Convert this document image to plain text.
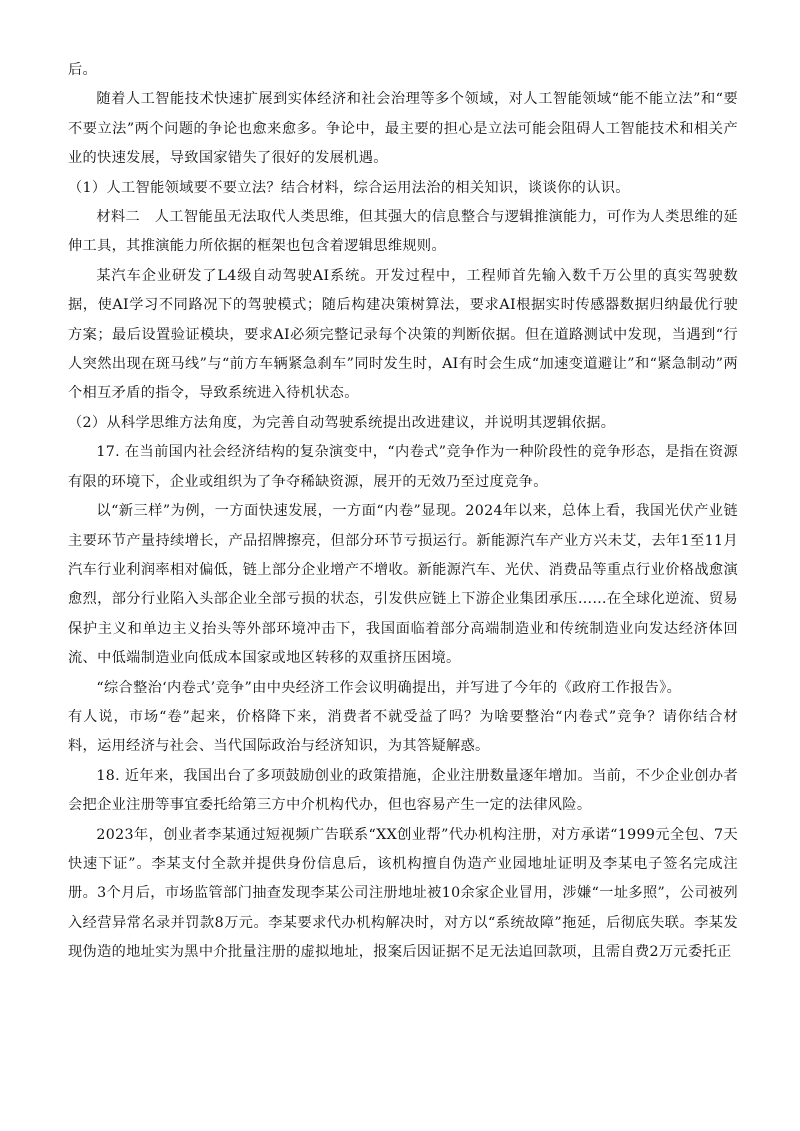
后。

随着人工智能技术快速扩展到实体经济和社会治理等多个领域，对人工智能领域“能不能立法”和“要不要立法”两个问题的争论也愈来愈多。争论中，最主要的担心是立法可能会阻碍人工智能技术和相关产业的快速发展，导致国家错失了很好的发展机遇。

（1）人工智能领域要不要立法？结合材料，综合运用法治的相关知识，谈谈你的认识。

材料二　人工智能虽无法取代人类思维，但其强大的信息整合与逻辑推演能力，可作为人类思维的延伸工具，其推演能力所依据的框架也包含着逻辑思维规则。

某汽车企业研发了L4级自动驾驶AI系统。开发过程中，工程师首先输入数千万公里的真实驾驶数据，使AI学习不同路况下的驾驶模式；随后构建决策树算法，要求AI根据实时传感器数据归纳最优行驶方案；最后设置验证模块，要求AI必须完整记录每个决策的判断依据。但在道路测试中发现，当遇到“行人突然出现在斑马线”与“前方车辆紧急刹车”同时发生时，AI有时会生成“加速变道避让”和“紧急制动”两个相互矛盾的指令，导致系统进入待机状态。

（2）从科学思维方法角度，为完善自动驾驶系统提出改进建议，并说明其逻辑依据。

17. 在当前国内社会经济结构的复杂演变中，“内卷式”竞争作为一种阶段性的竞争形态，是指在资源有限的环境下，企业或组织为了争夺稀缺资源，展开的无效乃至过度竞争。

以“新三样”为例，一方面快速发展，一方面“内卷”显现。2024年以来，总体上看，我国光伏产业链主要环节产量持续增长，产品招牌擦亮，但部分环节亏损运行。新能源汽车产业方兴未艾，去年1至11月汽车行业利润率相对偏低，链上部分企业增产不增收。新能源汽车、光伏、消费品等重点行业价格战愈演愈烈，部分行业陷入头部企业全部亏损的状态，引发供应链上下游企业集团承压……在全球化逆流、贸易保护主义和单边主义抬头等外部环境冲击下，我国面临着部分高端制造业和传统制造业向发达经济体回流、中低端制造业向低成本国家或地区转移的双重挤压困境。

“综合整治‘内卷式’竞争”由中央经济工作会议明确提出，并写进了今年的《政府工作报告》。

有人说，市场“卷”起来，价格降下来，消费者不就受益了吗？为啥要整治“内卷式”竞争？请你结合材料，运用经济与社会、当代国际政治与经济知识，为其答疑解惑。

18. 近年来，我国出台了多项鼓励创业的政策措施，企业注册数量逐年增加。当前，不少企业创办者会把企业注册等事宜委托给第三方中介机构代办，但也容易产生一定的法律风险。

2023年，创业者李某通过短视频广告联系“XX创业帮”代办机构注册，对方承诺“1999元全包、7天快速下证”。李某支付全款并提供身份信息后，该机构擅自伪造产业园地址证明及李某电子签名完成注册。3个月后，市场监管部门抽查发现李某公司注册地址被10余家企业冒用，涉嫌“一址多照”，公司被列入经营异常名录并罚款8万元。李某要求代办机构解决时，对方以“系统故障”拖延，后彻底失联。李某发现伪造的地址实为黑中介批量注册的虚拟地址，报案后因证据不足无法追回款项，且需自费2万元委托正
